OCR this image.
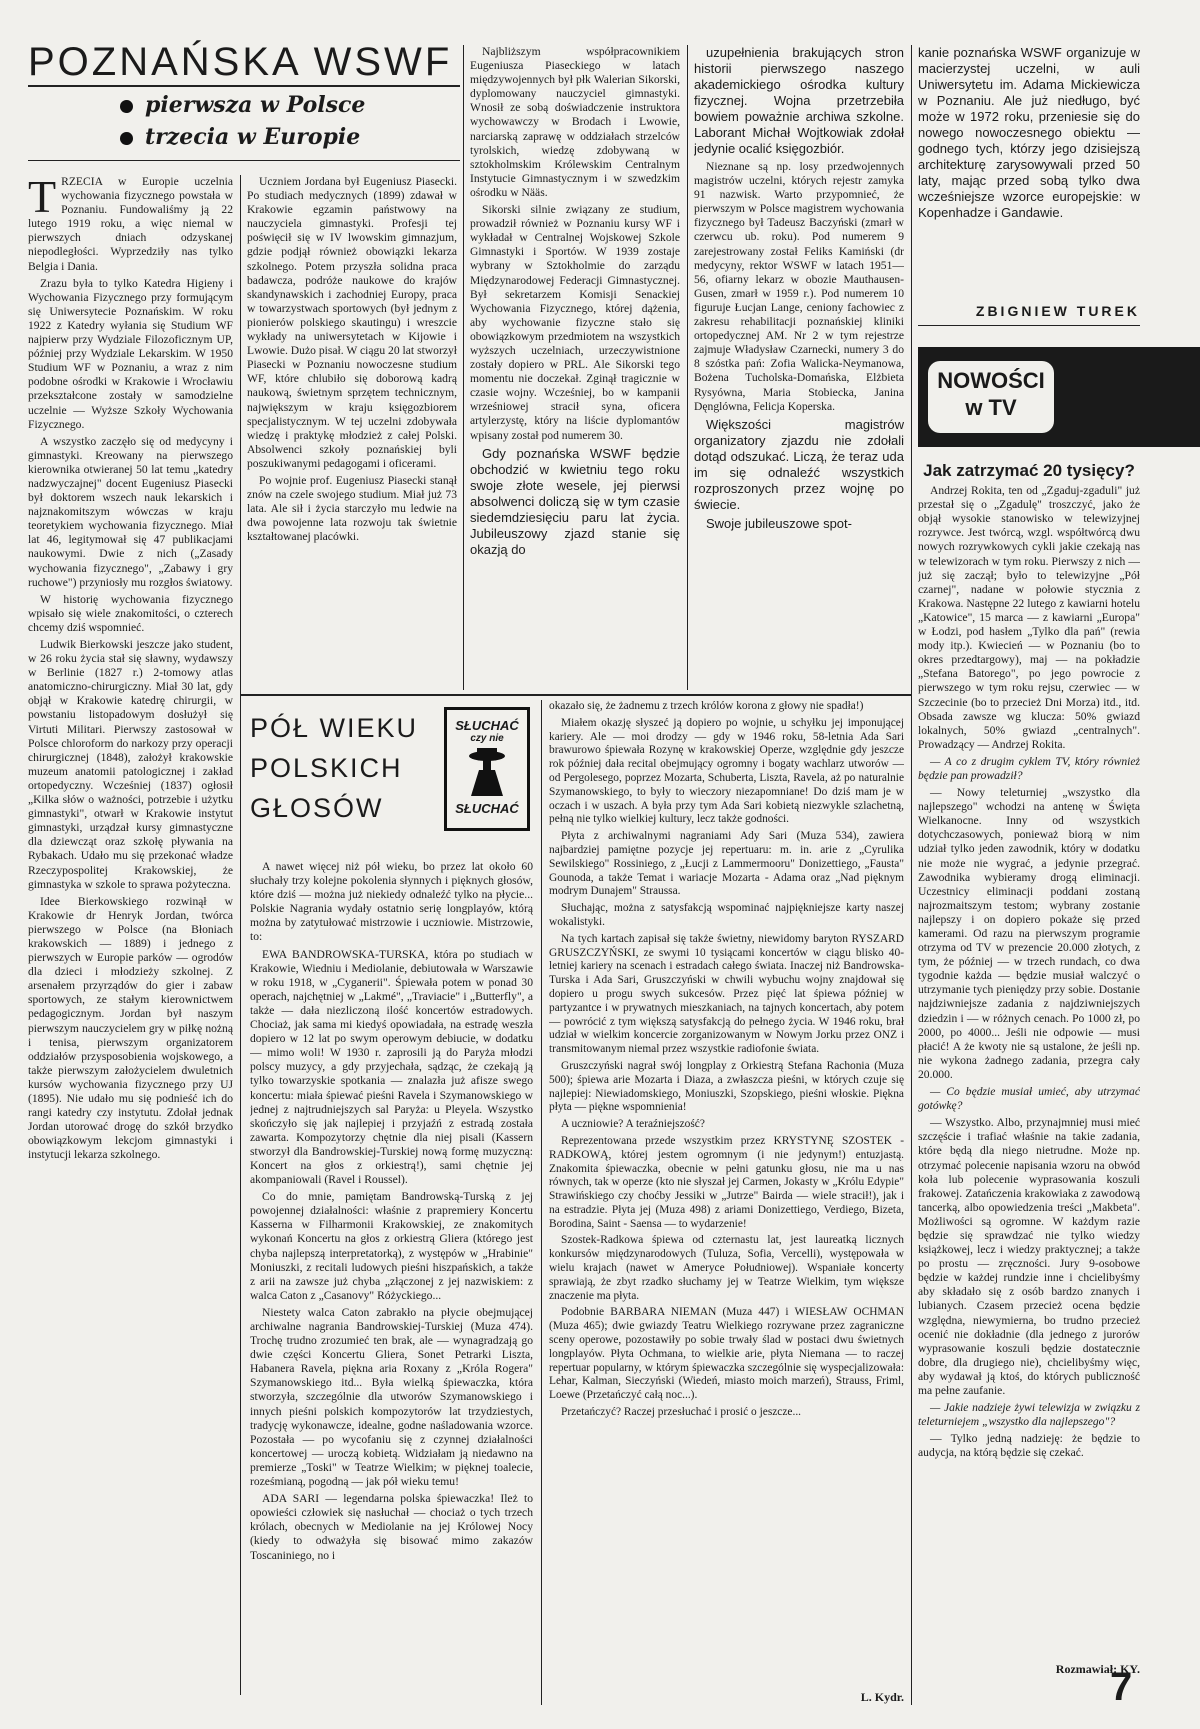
POZNAŃSKA WSWF
pierwsza w Polsce
trzecia w Europie

TRZECIA w Europie uczelnia wychowania fizycznego powstała w Poznaniu. Fundowaliśmy ją 22 lutego 1919 roku, a więc niemal w pierwszych dniach odzyskanej niepodległości. Wyprzedziły nas tylko Belgia i Dania.

Zrazu była to tylko Katedra Higieny i Wychowania Fizycznego przy formującym się Uniwersytecie Poznańskim. W roku 1922 z Katedry wyłania się Studium WF najpierw przy Wydziale Filozoficznym UP, później przy Wydziale Lekarskim. W 1950 Studium WF w Poznaniu, a wraz z nim podobne ośrodki w Krakowie i Wrocławiu przekształcone zostały w samodzielne uczelnie — Wyższe Szkoły Wychowania Fizycznego.

A wszystko zaczęło się od medycyny i gimnastyki. Kreowany na pierwszego kierownika otwieranej 50 lat temu „katedry nadzwyczajnej" docent Eugeniusz Piasecki był doktorem wszech nauk lekarskich i najznakomitszym wówczas w kraju teoretykiem wychowania fizycznego. Miał lat 46, legitymował się 47 publikacjami naukowymi. Dwie z nich („Zasady wychowania fizycznego", „Zabawy i gry ruchowe") przyniosły mu rozgłos światowy.

W historię wychowania fizycznego wpisało się wiele znakomitości, o czterech chcemy dziś wspomnieć.

Ludwik Bierkowski jeszcze jako student, w 26 roku życia stał się sławny, wydawszy w Berlinie (1827 r.) 2-tomowy atlas anatomiczno-chirurgiczny. Miał 30 lat, gdy objął w Krakowie katedrę chirurgii, w powstaniu listopadowym dosłużył się Virtuti Militari. Pierwszy zastosował w Polsce chloroform do narkozy przy operacji chirurgicznej (1848), założył krakowskie muzeum anatomii patologicznej i zakład ortopedyczny. Wcześniej (1837) ogłosił „Kilka słów o ważności, potrzebie i użytku gimnastyki", otwarł w Krakowie instytut gimnastyki, urządzał kursy gimnastyczne dla dziewcząt oraz szkołę pływania na Rybakach. Udało mu się przekonać władze Rzeczypospolitej Krakowskiej, że gimnastyka w szkole to sprawa pożyteczna.

Idee Bierkowskiego rozwinął w Krakowie dr Henryk Jordan, twórca pierwszego w Polsce (na Błoniach krakowskich — 1889) i jednego z pierwszych w Europie parków — ogrodów dla dzieci i młodzieży szkolnej. Z arsenałem przyrządów do gier i zabaw sportowych, ze stałym kierownictwem pedagogicznym. Jordan był naszym pierwszym nauczycielem gry w piłkę nożną i tenisa, pierwszym organizatorem oddziałów przysposobienia wojskowego, a także pierwszym założycielem dwuletnich kursów wychowania fizycznego przy UJ (1895). Nie udało mu się podnieść ich do rangi katedry czy instytutu. Zdołał jednak Jordan utorować drogę do szkół brzydko obowiązkowym lekcjom gimnastyki i instytucji lekarza szkolnego.

Uczniem Jordana był Eugeniusz Piasecki. Po studiach medycznych (1899) zdawał w Krakowie egzamin państwowy na nauczyciela gimnastyki. Profesji tej poświęcił się w IV lwowskim gimnazjum, gdzie podjął również obowiązki lekarza szkolnego. Potem przyszła solidna praca badawcza, podróże naukowe do krajów skandynawskich i zachodniej Europy, praca w towarzystwach sportowych (był jednym z pionierów polskiego skautingu) i wreszcie wykłady na uniwersytetach w Kijowie i Lwowie. Dużo pisał. W ciągu 20 lat stworzył Piasecki w Poznaniu nowoczesne studium WF, które chlubiło się doborową kadrą naukową, świetnym sprzętem technicznym, największym w kraju księgozbiorem specjalistycznym. W tej uczelni zdobywała wiedzę i praktykę młodzież z całej Polski. Absolwenci szkoły poznańskiej byli poszukiwanymi pedagogami i oficerami.

Po wojnie prof. Eugeniusz Piasecki stanął znów na czele swojego studium. Miał już 73 lata. Ale sił i życia starczyło mu ledwie na dwa powojenne lata rozwoju tak świetnie kształtowanej placówki.

Najbliższym współpracownikiem Eugeniusza Piaseckiego w latach międzywojennych był płk Walerian Sikorski, dyplomowany nauczyciel gimnastyki. Wnosił ze sobą doświadczenie instruktora wychowawczy w Brodach i Lwowie, narciarską zaprawę w oddziałach strzelców tyrolskich, wiedzę zdobywaną w sztokholmskim Królewskim Centralnym Instytucie Gimnastycznym i w szwedzkim ośrodku w Nääs.

Sikorski silnie związany ze studium, prowadził również w Poznaniu kursy WF i wykładał w Centralnej Wojskowej Szkole Gimnastyki i Sportów. W 1939 zostaje wybrany w Sztokholmie do zarządu Międzynarodowej Federacji Gimnastycznej. Był sekretarzem Komisji Senackiej Wychowania Fizycznego, której dążenia, aby wychowanie fizyczne stało się obowiązkowym przedmiotem na wszystkich wyższych uczelniach, urzeczywistnione zostały dopiero w PRL. Ale Sikorski tego momentu nie doczekał. Zginął tragicznie w czasie wojny. Wcześniej, bo w kampanii wrześniowej stracił syna, oficera artylerzystę, który na liście dyplomantów wpisany został pod numerem 30.

Gdy poznańska WSWF będzie obchodzić w kwietniu tego roku swoje złote wesele, jej pierwsi absolwenci doliczą się w tym czasie siedemdziesięciu paru lat życia. Jubileuszowy zjazd stanie się okazją do

uzupełnienia brakujących stron historii pierwszego naszego akademickiego ośrodka kultury fizycznej. Wojna przetrzebiła bowiem poważnie archiwa szkolne. Laborant Michał Wojtkowiak zdołał jedynie ocalić księgozbiór.

Nieznane są np. losy przedwojennych magistrów uczelni, których rejestr zamyka 91 nazwisk. Warto przypomnieć, że pierwszym w Polsce magistrem wychowania fizycznego był Tadeusz Baczyński (zmarł w czerwcu ub. roku). Pod numerem 9 zarejestrowany został Feliks Kamiński (dr medycyny, rektor WSWF w latach 1951—56, ofiarny lekarz w obozie Mauthausen-Gusen, zmarł w 1959 r.). Pod numerem 10 figuruje Łucjan Lange, ceniony fachowiec z zakresu rehabilitacji poznańskiej kliniki ortopedycznej AM. Nr 2 w tym rejestrze zajmuje Władysław Czarnecki, numery 3 do 8 szóstka pań: Zofia Walicka-Neymanowa, Bożena Tucholska-Domańska, Elżbieta Rysyówna, Maria Stobiecka, Janina Dęnglówna, Felicja Koperska.

Większości magistrów organizatory zjazdu nie zdołali dotąd odszukać. Liczą, że teraz uda im się odnaleźć wszystkich rozproszonych przez wojnę po świecie.

Swoje jubileuszowe spot-

kanie poznańska WSWF organizuje w macierzystej uczelni, w auli Uniwersytetu im. Adama Mickiewicza w Poznaniu. Ale już niedługo, być może w 1972 roku, przeniesie się do nowego nowoczesnego obiektu — godnego tych, którzy jego dzisiejszą architekturę zarysowywali przed 50 laty, mając przed sobą tylko dwa wcześniejsze wzorce europejskie: w Kopenhadze i Gandawie.

ZBIGNIEW TUREK
NOWOŚCI
w TV
Jak zatrzymać 20 tysięcy?

Andrzej Rokita, ten od „Zgaduj-zgaduli" już przestał się o „Zgadulę" troszczyć, jako że objął wysokie stanowisko w telewizyjnej rozrywce. Jest twórcą, wzgl. współtwórcą dwu nowych rozrywkowych cykli jakie czekają nas w telewizorach w tym roku. Pierwszy z nich — już się zaczął; było to telewizyjne „Pół czarnej", nadane w połowie stycznia z Krakowa. Następne 22 lutego z kawiarni hotelu „Katowice", 15 marca — z kawiarni „Europa" w Łodzi, pod hasłem „Tylko dla pań" (rewia mody itp.). Kwiecień — w Poznaniu (bo to okres przedtargowy), maj — na pokładzie „Stefana Batorego", po jego powrocie z pierwszego w tym roku rejsu, czerwiec — w Szczecinie (bo to przecież Dni Morza) itd., itd. Obsada zawsze wg klucza: 50% gwiazd lokalnych, 50% gwiazd „centralnych". Prowadzący — Andrzej Rokita.

— A co z drugim cyklem TV, który również będzie pan prowadził?

— Nowy teleturniej „wszystko dla najlepszego" wchodzi na antenę w Święta Wielkanocne. Inny od wszystkich dotychczasowych, ponieważ biorą w nim udział tylko jeden zawodnik, który w dodatku nie może nie wygrać, a jedynie przegrać. Zawodnika wybieramy drogą eliminacji. Uczestnicy eliminacji poddani zostaną najrozmaitszym testom; wybrany zostanie najlepszy i on dopiero pokaże się przed kamerami. Od razu na pierwszym programie otrzyma od TV w prezencie 20.000 złotych, z tym, że później — w trzech rundach, co dwa tygodnie każda — będzie musiał walczyć o utrzymanie tych pieniędzy przy sobie. Dostanie najdziwniejsze zadania z najdziwniejszych dziedzin i — w różnych cenach. Po 1000 zł, po 2000, po 4000... Jeśli nie odpowie — musi płacić! A że kwoty nie są ustalone, że jeśli np. nie wykona żadnego zadania, przegra cały 20.000.

— Co będzie musiał umieć, aby utrzymać gotówkę?

— Wszystko. Albo, przynajmniej musi mieć szczęście i trafiać właśnie na takie zadania, które będą dla niego nietrudne. Może np. otrzymać polecenie napisania wzoru na obwód koła lub polecenie wyprasowania koszuli frakowej. Zatańczenia krakowiaka z zawodową tancerką, albo opowiedzenia treści „Makbeta". Możliwości są ogromne. W każdym razie będzie się sprawdzać nie tylko wiedzy książkowej, lecz i wiedzy praktycznej; a także po prostu — zręczności. Jury 9-osobowe będzie w każdej rundzie inne i chcielibyśmy aby składało się z osób bardzo znanych i lubianych. Czasem przecież ocena będzie względna, niewymierna, bo trudno przecież ocenić nie dokładnie (dla jednego z jurorów wyprasowanie koszuli będzie dostatecznie dobre, dla drugiego nie), chcielibyśmy więc, aby wydawał ją ktoś, do których publiczność ma pełne zaufanie.

— Jakie nadzieje żywi telewizja w związku z teleturniejem „wszystko dla najlepszego"?

— Tylko jedną nadzieję: że będzie to audycja, na którą będzie się czekać.

Rozmawiał: KY.
PÓŁ WIEKU
POLSKICH
GŁOSÓW
SŁUCHAĆ
czy nie
SŁUCHAĆ

A nawet więcej niż pół wieku, bo przez lat około 60 słuchały trzy kolejne pokolenia słynnych i pięknych głosów, które dziś — można już niekiedy odnaleźć tylko na płycie... Polskie Nagrania wydały ostatnio serię longplayów, którą można by zatytułować mistrzowie i uczniowie. Mistrzowie, to:

EWA BANDROWSKA-TURSKA, która po studiach w Krakowie, Wiedniu i Mediolanie, debiutowała w Warszawie w roku 1918, w „Cyganerii". Śpiewała potem w ponad 30 operach, najchętniej w „Lakmé", „Traviacie" i „Butterfly", a także — dała niezliczoną ilość koncertów estradowych. Chociaż, jak sama mi kiedyś opowiadała, na estradę weszła dopiero w 12 lat po swym operowym debiucie, w dodatku — mimo woli! W 1930 r. zaprosili ją do Paryża młodzi polscy muzycy, a gdy przyjechała, sądząc, że czekają ją tylko towarzyskie spotkania — znalazła już afisze swego koncertu: miała śpiewać pieśni Ravela i Szymanowskiego w jednej z najtrudniejszych sal Paryża: u Pleyela. Wszystko skończyło się jak najlepiej i przyjaźń z estradą została zawarta. Kompozytorzy chętnie dla niej pisali (Kassern stworzył dla Bandrowskiej-Turskiej nową formę muzyczną: Koncert na głos z orkiestrą!), sami chętnie jej akompaniowali (Ravel i Roussel).

Co do mnie, pamiętam Bandrowską-Turską z jej powojennej działalności: właśnie z prapremiery Koncertu Kasserna w Filharmonii Krakowskiej, ze znakomitych wykonań Koncertu na głos z orkiestrą Gliera (którego jest chyba najlepszą interpretatorką), z występów w „Hrabinie" Moniuszki, z recitali ludowych pieśni hiszpańskich, a także z arii na zawsze już chyba „złączonej z jej nazwiskiem: z walca Caton z „Casanovy" Różyckiego...

Niestety walca Caton zabrakło na płycie obejmującej archiwalne nagrania Bandrowskiej-Turskiej (Muza 474). Trochę trudno zrozumieć ten brak, ale — wynagradzają go dwie części Koncertu Gliera, Sonet Petrarki Liszta, Habanera Ravela, piękna aria Roxany z „Króla Rogera" Szymanowskiego itd... Była wielką śpiewaczka, która stworzyła, szczególnie dla utworów Szymanowskiego i innych pieśni polskich kompozytorów lat trzydziestych, tradycję wykonawcze, idealne, godne naśladowania wzorce. Pozostała — po wycofaniu się z czynnej działalności koncertowej — uroczą kobietą. Widziałam ją niedawno na premierze „Toski" w Teatrze Wielkim; w pięknej toalecie, roześmianą, pogodną — jak pół wieku temu!

ADA SARI — legendarna polska śpiewaczka! Ileż to opowieści człowiek się nasłuchał — chociaż o tych trzech królach, obecnych w Mediolanie na jej Królowej Nocy (kiedy to odważyła się bisować mimo zakazów Toscaniniego, no i

okazało się, że żadnemu z trzech królów korona z głowy nie spadła!)

Miałem okazję słyszeć ją dopiero po wojnie, u schyłku jej imponującej kariery. Ale — moi drodzy — gdy w 1946 roku, 58-letnia Ada Sari brawurowo śpiewała Rozynę w krakowskiej Operze, względnie gdy jeszcze rok później dała recital obejmujący ogromny i bogaty wachlarz utworów — od Pergolesego, poprzez Mozarta, Schuberta, Liszta, Ravela, aż po naturalnie Szymanowskiego, to były to wieczory niezapomniane! Do dziś mam je w oczach i w uszach. A była przy tym Ada Sari kobietą niezwykle szlachetną, pełną nie tylko wielkiej kultury, lecz także godności.

Płyta z archiwalnymi nagraniami Ady Sari (Muza 534), zawiera najbardziej pamiętne pozycje jej repertuaru: m. in. arie z „Cyrulika Sewilskiego" Rossiniego, z „Łucji z Lammermooru" Donizettiego, „Fausta" Gounoda, a także Temat i wariacje Mozarta - Adama oraz „Nad pięknym modrym Dunajem" Straussa.

Słuchając, można z satysfakcją wspominać najpiękniejsze karty naszej wokalistyki.

Na tych kartach zapisał się także świetny, niewidomy baryton RYSZARD GRUSZCZYŃSKI, ze swymi 10 tysiącami koncertów w ciągu blisko 40-letniej kariery na scenach i estradach całego świata. Inaczej niż Bandrowska-Turska i Ada Sari, Gruszczyński w chwili wybuchu wojny znajdował się dopiero u progu swych sukcesów. Przez pięć lat śpiewa później w partyzantce i w prywatnych mieszkaniach, na tajnych koncertach, aby potem — powrócić z tym większą satysfakcją do pełnego życia. W 1946 roku, brał udział w wielkim koncercie zorganizowanym w Nowym Jorku przez ONZ i transmitowanym niemal przez wszystkie radiofonie świata.

Gruszczyński nagrał swój longplay z Orkiestrą Stefana Rachonia (Muza 500); śpiewa arie Mozarta i Diaza, a zwłaszcza pieśni, w których czuje się najlepiej: Niewiadomskiego, Moniuszki, Szopskiego, pieśni włoskie. Piękna płyta — piękne wspomnienia!

A uczniowie? A teraźniejszość?

Reprezentowana przede wszystkim przez KRYSTYNĘ SZOSTEK - RADKOWĄ, której jestem ogromnym (i nie jedynym!) entuzjastą. Znakomita śpiewaczka, obecnie w pełni gatunku głosu, nie ma u nas równych, tak w operze (kto nie słyszał jej Carmen, Jokasty w „Królu Edypie" Strawińskiego czy choćby Jessiki w „Jutrze" Bairda — wiele stracił!), jak i na estradzie. Płyta jej (Muza 498) z ariami Donizettiego, Verdiego, Bizeta, Borodina, Saint - Saensa — to wydarzenie!

Szostek-Radkowa śpiewa od czternastu lat, jest laureatką licznych konkursów międzynarodowych (Tuluza, Sofia, Vercelli), występowała w wielu krajach (nawet w Ameryce Południowej). Wspaniałe koncerty sprawiają, że zbyt rzadko słuchamy jej w Teatrze Wielkim, tym większe znaczenie ma płyta.

Podobnie BARBARA NIEMAN (Muza 447) i WIESŁAW OCHMAN (Muza 465); dwie gwiazdy Teatru Wielkiego rozrywane przez zagraniczne sceny operowe, pozostawiły po sobie trwały ślad w postaci dwu świetnych longplayów. Płyta Ochmana, to wielkie arie, płyta Niemana — to raczej repertuar popularny, w którym śpiewaczka szczególnie się wyspecjalizowała: Lehar, Kalman, Sieczyński (Wiedeń, miasto moich marzeń), Strauss, Friml, Loewe (Przetańczyć całą noc...).

Przetańczyć? Raczej przesłuchać i prosić o jeszcze...

L. Kydr.	7
